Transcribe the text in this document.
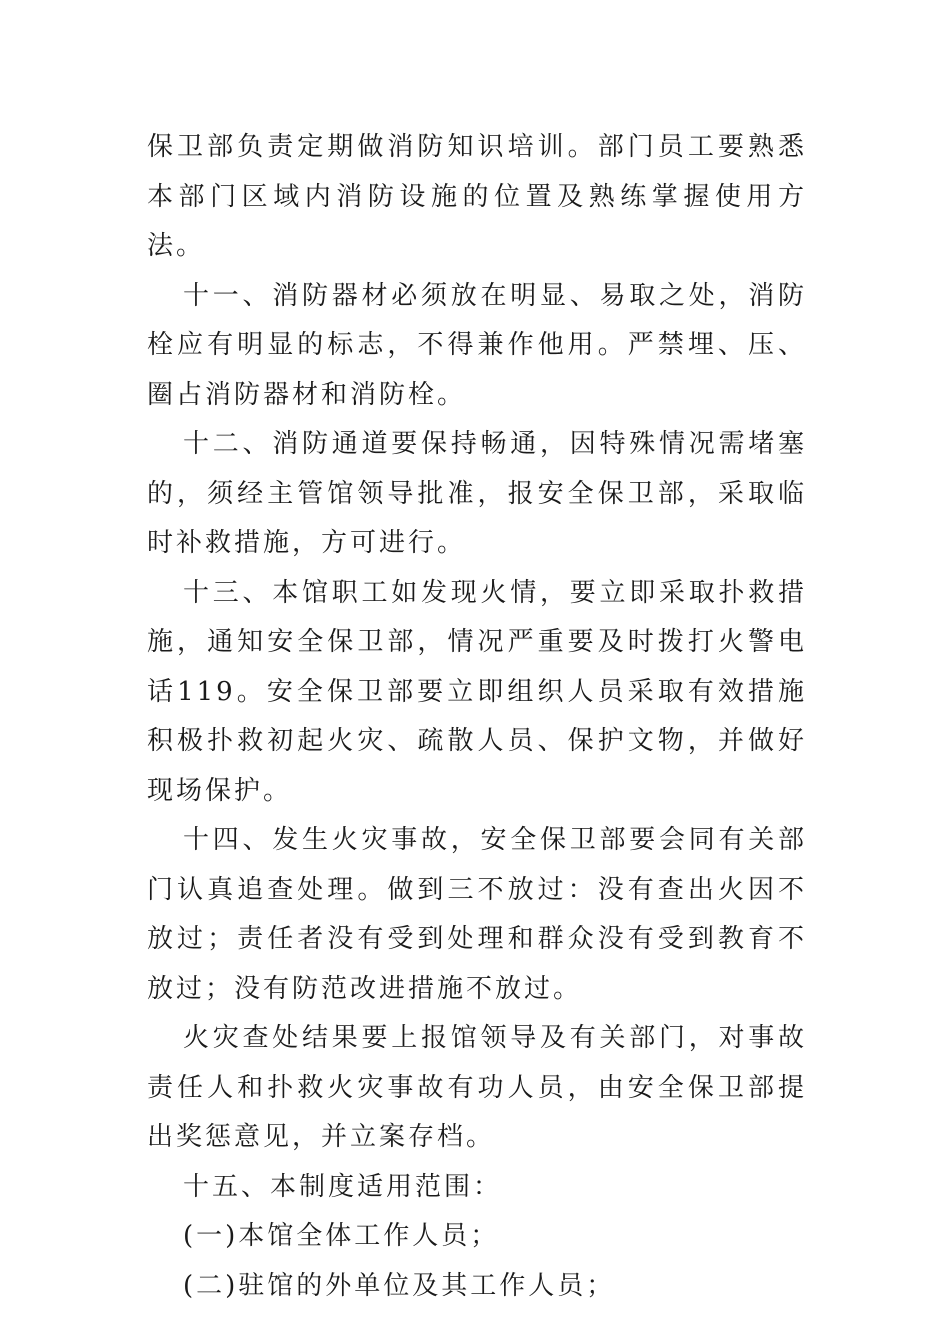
保卫部负责定期做消防知识培训。部门员工要熟悉本部门区域内消防设施的位置及熟练掌握使用方法。

十一、消防器材必须放在明显、易取之处，消防栓应有明显的标志，不得兼作他用。严禁埋、压、圈占消防器材和消防栓。

十二、消防通道要保持畅通，因特殊情况需堵塞的，须经主管馆领导批准，报安全保卫部，采取临时补救措施，方可进行。

十三、本馆职工如发现火情，要立即采取扑救措施，通知安全保卫部，情况严重要及时拨打火警电话119。安全保卫部要立即组织人员采取有效措施积极扑救初起火灾、疏散人员、保护文物，并做好现场保护。

十四、发生火灾事故，安全保卫部要会同有关部门认真追查处理。做到三不放过：没有查出火因不放过；责任者没有受到处理和群众没有受到教育不放过；没有防范改进措施不放过。

火灾查处结果要上报馆领导及有关部门，对事故责任人和扑救火灾事故有功人员，由安全保卫部提出奖惩意见，并立案存档。

十五、本制度适用范围：

(一)本馆全体工作人员；

(二)驻馆的外单位及其工作人员；
